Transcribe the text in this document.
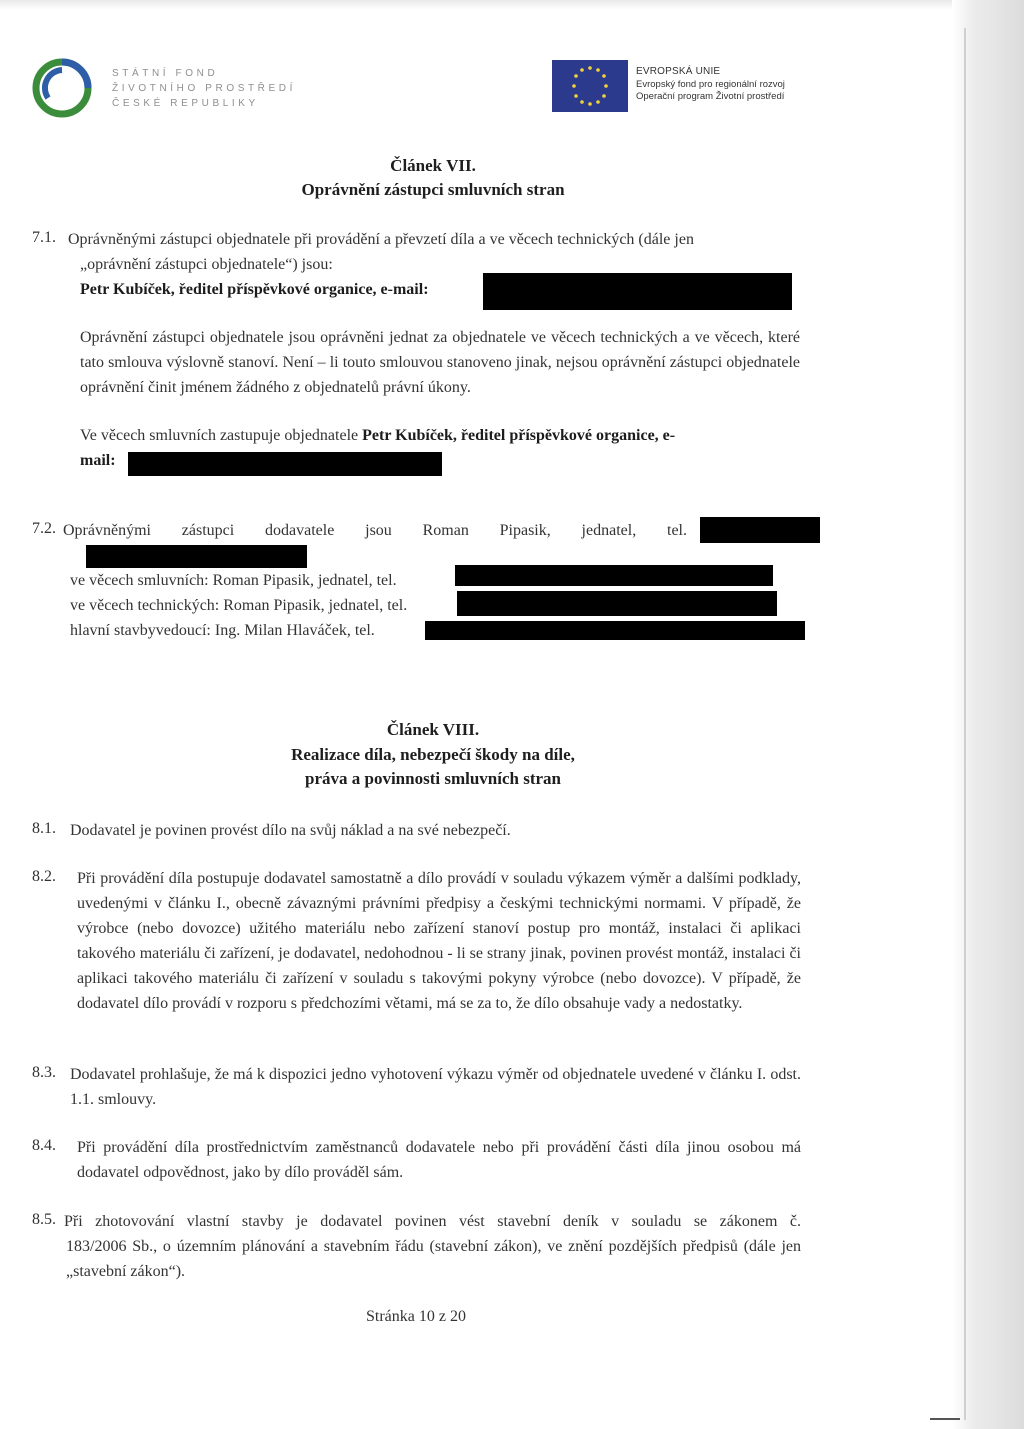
STÁTNÍ FOND
ŽIVOTNÍHO PROSTŘEDÍ
ČESKÉ REPUBLIKY
EVROPSKÁ UNIE
Evropský fond pro regionální rozvoj
Operační program Životní prostředí
Článek VII.
Oprávnění zástupci smluvních stran
7.1. Oprávněnými zástupci objednatele při provádění a převzetí díla a ve věcech technických (dále jen
„oprávnění zástupci objednatele“) jsou:
Petr Kubíček, ředitel příspěvkové organice, e-mail:
Oprávnění zástupci objednatele jsou oprávněni jednat za objednatele ve věcech technických a ve věcech, které tato smlouva výslovně stanoví. Není – li touto smlouvou stanoveno jinak, nejsou oprávnění zástupci objednatele oprávnění činit jménem žádného z objednatelů právní úkony.
Ve věcech smluvních zastupuje objednatele Petr Kubíček, ředitel příspěvkové organice, e-
mail:
7.2. Oprávněnými zástupci dodavatele jsou Roman Pipasik, jednatel, tel.
ve věcech smluvních: Roman Pipasik, jednatel, tel.
ve věcech technických: Roman Pipasik, jednatel, tel.
hlavní stavbyvedoucí: Ing. Milan Hlaváček, tel.
Článek VIII.
Realizace díla, nebezpečí škody na díle,
práva a povinnosti smluvních stran
8.1. Dodavatel je povinen provést dílo na svůj náklad a na své nebezpečí.
8.2. Při provádění díla postupuje dodavatel samostatně a dílo provádí v souladu výkazem výměr a dalšími podklady, uvedenými v článku I., obecně závaznými právními předpisy a českými technickými normami. V případě, že výrobce (nebo dovozce) užitého materiálu nebo zařízení stanoví postup pro montáž, instalaci či aplikaci takového materiálu či zařízení, je dodavatel, nedohodnou - li se strany jinak, povinen provést montáž, instalaci či aplikaci takového materiálu či zařízení v souladu s takovými pokyny výrobce (nebo dovozce). V případě, že dodavatel dílo provádí v rozporu s předchozími větami, má se za to, že dílo obsahuje vady a nedostatky.
8.3. Dodavatel prohlašuje, že má k dispozici jedno vyhotovení výkazu výměr od objednatele uvedené v článku I. odst. 1.1. smlouvy.
8.4. Při provádění díla prostřednictvím zaměstnanců dodavatele nebo při provádění části díla jinou osobou má dodavatel odpovědnost, jako by dílo prováděl sám.
8.5. Při zhotovování vlastní stavby je dodavatel povinen vést stavební deník v souladu se zákonem č.
183/2006 Sb., o územním plánování a stavebním řádu (stavební zákon), ve znění pozdějších předpisů (dále jen „stavební zákon“).
Stránka 10 z 20
